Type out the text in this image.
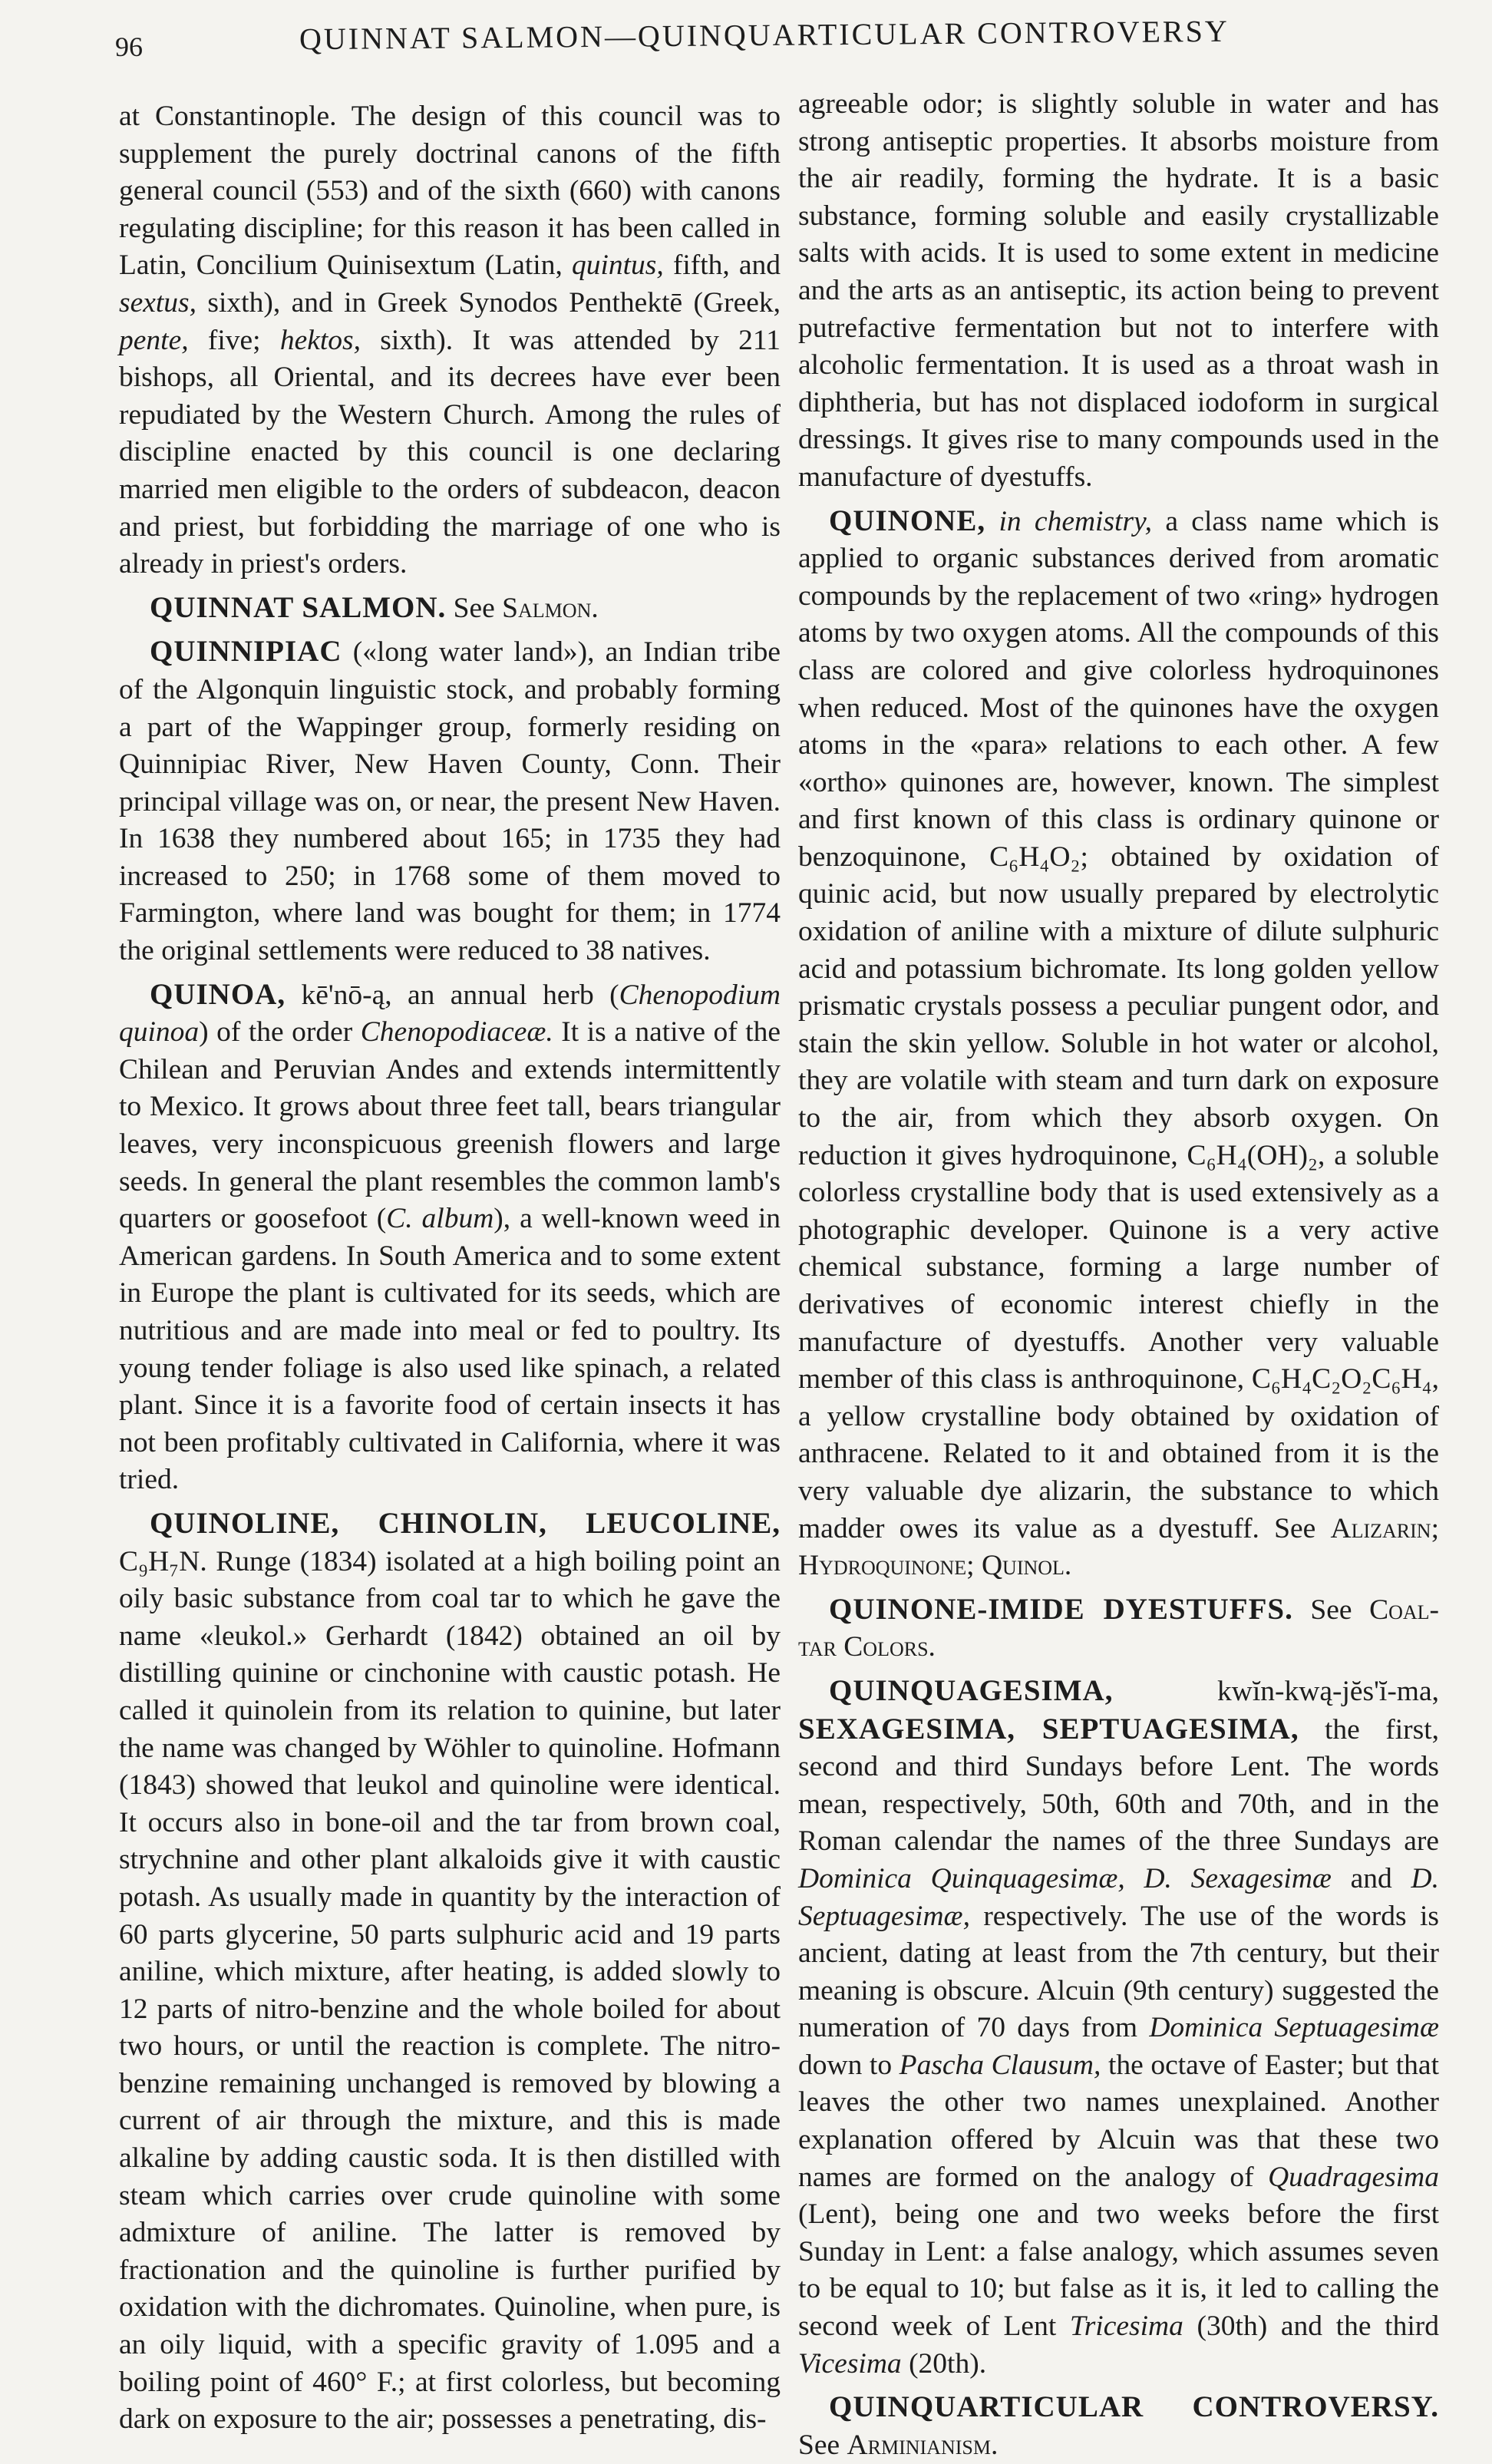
96	QUINNAT SALMON—QUINQUARTICULAR CONTROVERSY

at Constantinople. The design of this council was to supplement the purely doctrinal canons of the fifth general council (553) and of the sixth (660) with canons regulating discipline; for this reason it has been called in Latin, Concilium Quinisextum (Latin, quintus, fifth, and sextus, sixth), and in Greek Synodos Penthektē (Greek, pente, five; hektos, sixth). It was attended by 211 bishops, all Oriental, and its decrees have ever been repudiated by the Western Church. Among the rules of discipline enacted by this council is one declaring married men eligible to the orders of subdeacon, deacon and priest, but forbidding the marriage of one who is already in priest's orders.

QUINNAT SALMON. See Salmon.

QUINNIPIAC («long water land»), an Indian tribe of the Algonquin linguistic stock, and probably forming a part of the Wappinger group, formerly residing on Quinnipiac River, New Haven County, Conn. Their principal village was on, or near, the present New Haven. In 1638 they numbered about 165; in 1735 they had increased to 250; in 1768 some of them moved to Farmington, where land was bought for them; in 1774 the original settlements were reduced to 38 natives.

QUINOA, kē'nō-ą, an annual herb (Chenopodium quinoa) of the order Chenopodiaceæ. It is a native of the Chilean and Peruvian Andes and extends intermittently to Mexico. It grows about three feet tall, bears triangular leaves, very inconspicuous greenish flowers and large seeds. In general the plant resembles the common lamb's quarters or goosefoot (C. album), a well-known weed in American gardens. In South America and to some extent in Europe the plant is cultivated for its seeds, which are nutritious and are made into meal or fed to poultry. Its young tender foliage is also used like spinach, a related plant. Since it is a favorite food of certain insects it has not been profitably cultivated in California, where it was tried.

QUINOLINE, CHINOLIN, LEUCOLINE, C₉H₇N. Runge (1834) isolated at a high boiling point an oily basic substance from coal tar to which he gave the name «leukol.» Gerhardt (1842) obtained an oil by distilling quinine or cinchonine with caustic potash. He called it quinolein from its relation to quinine, but later the name was changed by Wöhler to quinoline. Hofmann (1843) showed that leukol and quinoline were identical. It occurs also in bone-oil and the tar from brown coal, strychnine and other plant alkaloids give it with caustic potash. As usually made in quantity by the interaction of 60 parts glycerine, 50 parts sulphuric acid and 19 parts aniline, which mixture, after heating, is added slowly to 12 parts of nitro-benzine and the whole boiled for about two hours, or until the reaction is complete. The nitro-benzine remaining unchanged is removed by blowing a current of air through the mixture, and this is made alkaline by adding caustic soda. It is then distilled with steam which carries over crude quinoline with some admixture of aniline. The latter is removed by fractionation and the quinoline is further purified by oxidation with the dichromates. Quinoline, when pure, is an oily liquid, with a specific gravity of 1.095 and a boiling point of 460° F.; at first colorless, but becoming dark on exposure to the air; possesses a penetrating, dis-

agreeable odor; is slightly soluble in water and has strong antiseptic properties. It absorbs moisture from the air readily, forming the hydrate. It is a basic substance, forming soluble and easily crystallizable salts with acids. It is used to some extent in medicine and the arts as an antiseptic, its action being to prevent putrefactive fermentation but not to interfere with alcoholic fermentation. It is used as a throat wash in diphtheria, but has not displaced iodoform in surgical dressings. It gives rise to many compounds used in the manufacture of dyestuffs.

QUINONE, in chemistry, a class name which is applied to organic substances derived from aromatic compounds by the replacement of two «ring» hydrogen atoms by two oxygen atoms. All the compounds of this class are colored and give colorless hydroquinones when reduced. Most of the quinones have the oxygen atoms in the «para» relations to each other. A few «ortho» quinones are, however, known. The simplest and first known of this class is ordinary quinone or benzoquinone, C₆H₄O₂; obtained by oxidation of quinic acid, but now usually prepared by electrolytic oxidation of aniline with a mixture of dilute sulphuric acid and potassium bichromate. Its long golden yellow prismatic crystals possess a peculiar pungent odor, and stain the skin yellow. Soluble in hot water or alcohol, they are volatile with steam and turn dark on exposure to the air, from which they absorb oxygen. On reduction it gives hydroquinone, C₆H₄(OH)₂, a soluble colorless crystalline body that is used extensively as a photographic developer. Quinone is a very active chemical substance, forming a large number of derivatives of economic interest chiefly in the manufacture of dyestuffs. Another very valuable member of this class is anthroquinone, C₆H₄C₂O₂C₆H₄, a yellow crystalline body obtained by oxidation of anthracene. Related to it and obtained from it is the very valuable dye alizarin, the substance to which madder owes its value as a dyestuff. See Alizarin; Hydroquinone; Quinol.

QUINONE-IMIDE DYESTUFFS. See Coal-tar Colors.

QUINQUAGESIMA, kwĭn-kwą-jĕs'ĭ-ma, SEXAGESIMA, SEPTUAGESIMA, the first, second and third Sundays before Lent. The words mean, respectively, 50th, 60th and 70th, and in the Roman calendar the names of the three Sundays are Dominica Quinquagesimæ, D. Sexagesimæ and D. Septuagesimæ, respectively. The use of the words is ancient, dating at least from the 7th century, but their meaning is obscure. Alcuin (9th century) suggested the numeration of 70 days from Dominica Septuagesimæ down to Pascha Clausum, the octave of Easter; but that leaves the other two names unexplained. Another explanation offered by Alcuin was that these two names are formed on the analogy of Quadragesima (Lent), being one and two weeks before the first Sunday in Lent: a false analogy, which assumes seven to be equal to 10; but false as it is, it led to calling the second week of Lent Tricesima (30th) and the third Vicesima (20th).

QUINQUARTICULAR CONTROVERSY. See Arminianism.
